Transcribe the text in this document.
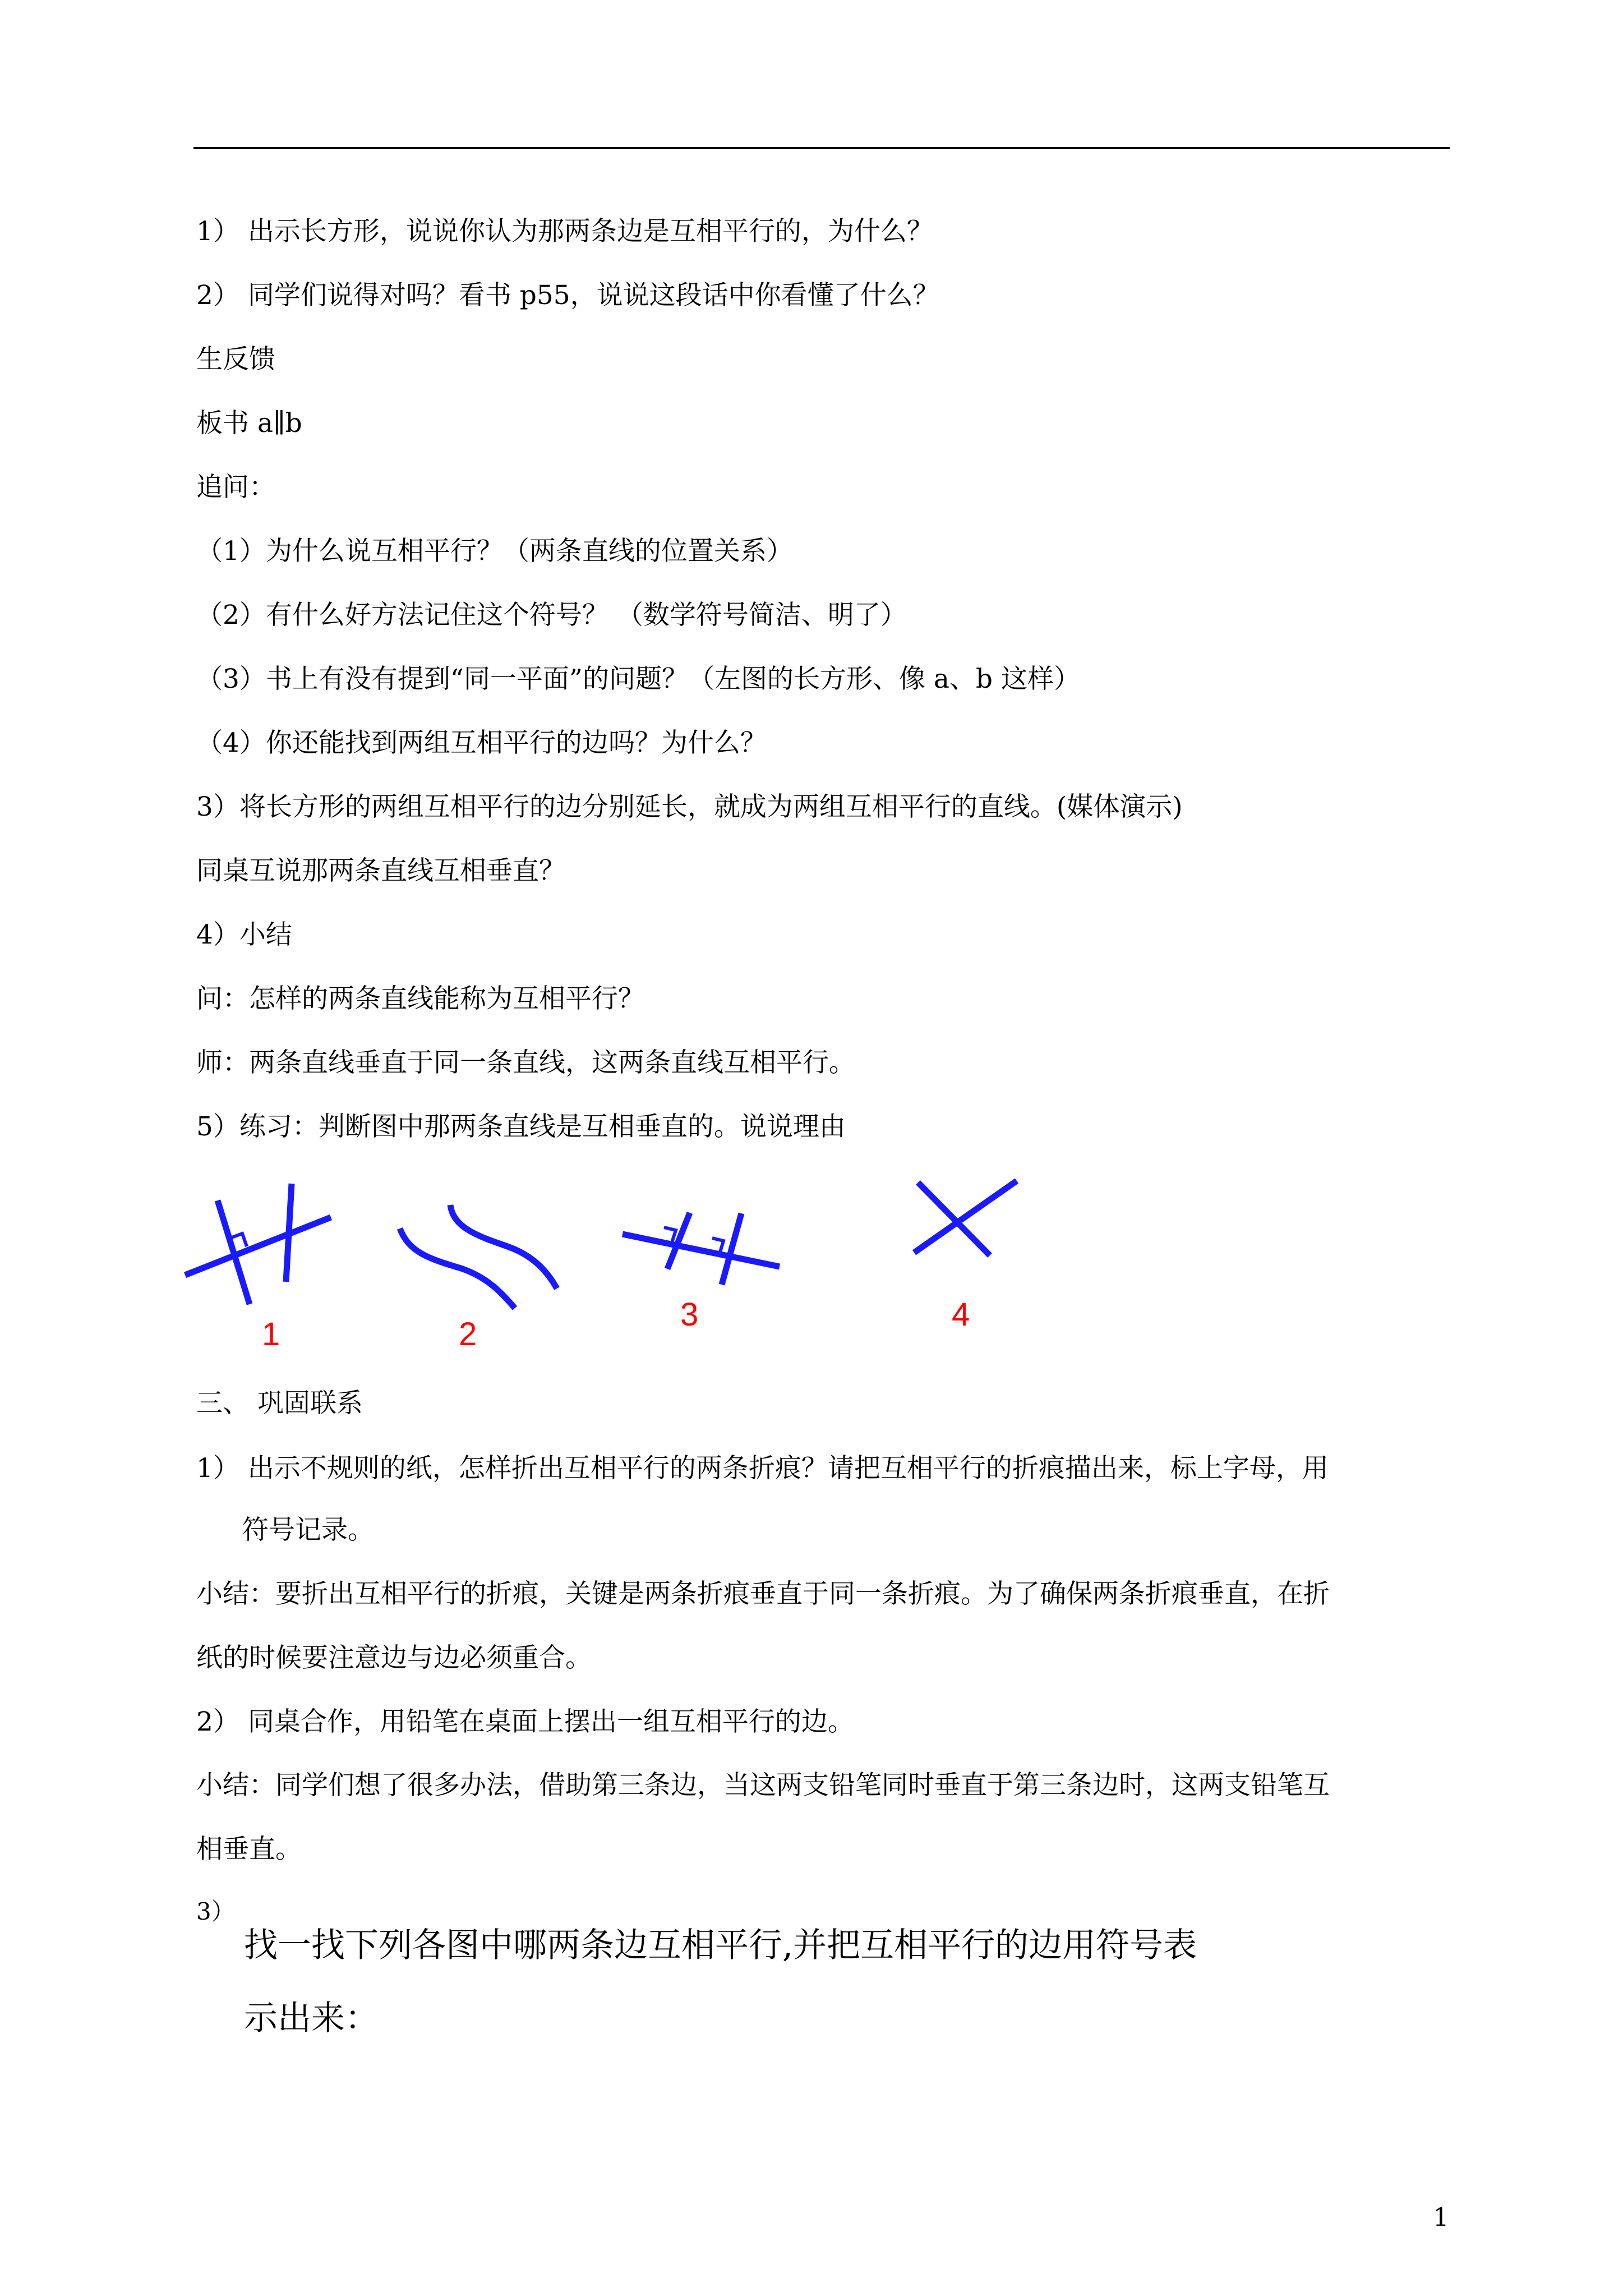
1） 出示长方形，说说你认为那两条边是互相平行的，为什么？
2） 同学们说得对吗？看书 p55，说说这段话中你看懂了什么？
生反馈
板书 a∥b
追问：
（1）为什么说互相平行？（两条直线的位置关系）
（2）有什么好方法记住这个符号？ （数学符号简洁、明了）
（3）书上有没有提到“同一平面”的问题？（左图的长方形、像 a、b 这样）
（4）你还能找到两组互相平行的边吗？为什么？
3）将长方形的两组互相平行的边分别延长，就成为两组互相平行的直线。(媒体演示)
同桌互说那两条直线互相垂直？
4）小结
问：怎样的两条直线能称为互相平行？
师：两条直线垂直于同一条直线，这两条直线互相平行。
5）练习：判断图中那两条直线是互相垂直的。说说理由
1	2
3	4
三、 巩固联系
1） 出示不规则的纸，怎样折出互相平行的两条折痕？请把互相平行的折痕描出来，标上字母，用
符号记录。
小结：要折出互相平行的折痕，关键是两条折痕垂直于同一条折痕。为了确保两条折痕垂直，在折
纸的时候要注意边与边必须重合。
2） 同桌合作，用铅笔在桌面上摆出一组互相平行的边。
小结：同学们想了很多办法，借助第三条边，当这两支铅笔同时垂直于第三条边时，这两支铅笔互
相垂直。
3）
找一找下列各图中哪两条边互相平行,并把互相平行的边用符号表
示出来：
1
